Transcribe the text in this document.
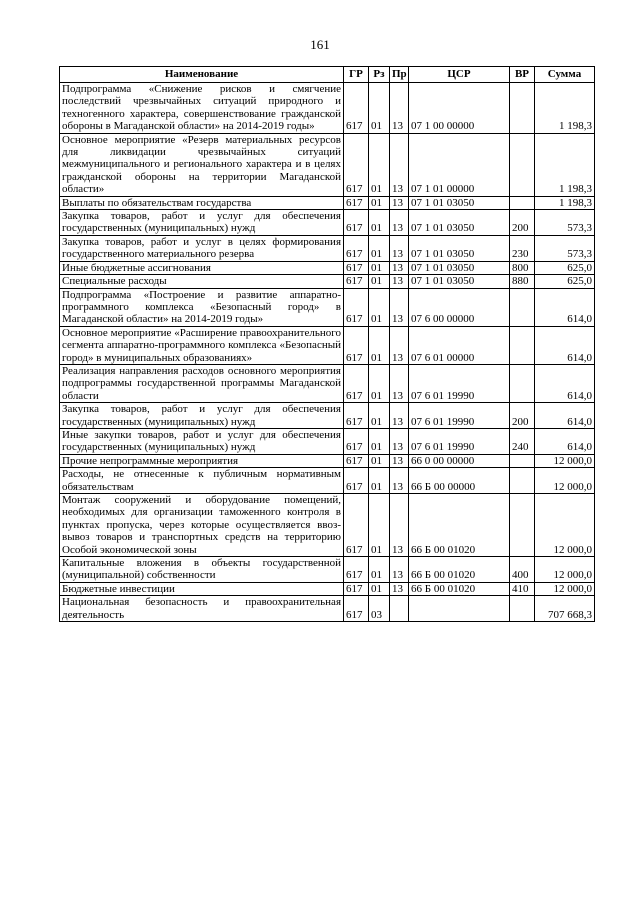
161
Наименование	ГР	Рз	Пр	ЦСР	ВР	Сумма
Подпрограмма «Снижение рисков и смягчение последствий чрезвычайных ситуаций природного и техногенного характера, совершенствование гражданской обороны в Магаданской области» на 2014-2019 годы»	617	01	13	07 1 00 00000		1 198,3
Основное мероприятие «Резерв материальных ресурсов для ликвидации чрезвычайных ситуаций межмуниципального и регионального характера и в целях гражданской обороны на территории Магаданской области»	617	01	13	07 1 01 00000		1 198,3
Выплаты по обязательствам государства	617	01	13	07 1 01 03050		1 198,3
Закупка товаров, работ и услуг для обеспечения государственных (муниципальных) нужд	617	01	13	07 1 01 03050	200	573,3
Закупка товаров, работ и услуг в целях формирования государственного материального резерва	617	01	13	07 1 01 03050	230	573,3
Иные бюджетные ассигнования	617	01	13	07 1 01 03050	800	625,0
Специальные расходы	617	01	13	07 1 01 03050	880	625,0
Подпрограмма «Построение и развитие аппаратно-программного комплекса «Безопасный город» в Магаданской области» на 2014-2019 годы»	617	01	13	07 6 00 00000		614,0
Основное мероприятие «Расширение правоохранительного сегмента аппаратно-программного комплекса «Безопасный город» в муниципальных образованиях»	617	01	13	07 6 01 00000		614,0
Реализация направления расходов основного мероприятия подпрограммы государственной программы Магаданской области	617	01	13	07 6 01 19990		614,0
Закупка товаров, работ и услуг для обеспечения государственных (муниципальных) нужд	617	01	13	07 6 01 19990	200	614,0
Иные закупки товаров, работ и услуг для обеспечения государственных (муниципальных) нужд	617	01	13	07 6 01 19990	240	614,0
Прочие непрограммные мероприятия	617	01	13	66 0 00 00000		12 000,0
Расходы, не отнесенные к публичным нормативным обязательствам	617	01	13	66 Б 00 00000		12 000,0
Монтаж сооружений и оборудование помещений, необходимых для организации таможенного контроля в пунктах пропуска, через которые осуществляется ввоз-вывоз товаров и транспортных средств на территорию Особой экономической зоны	617	01	13	66 Б 00 01020		12 000,0
Капитальные вложения в объекты государственной (муниципальной) собственности	617	01	13	66 Б 00 01020	400	12 000,0
Бюджетные инвестиции	617	01	13	66 Б 00 01020	410	12 000,0
Национальная безопасность и правоохранительная деятельность	617	03				707 668,3
